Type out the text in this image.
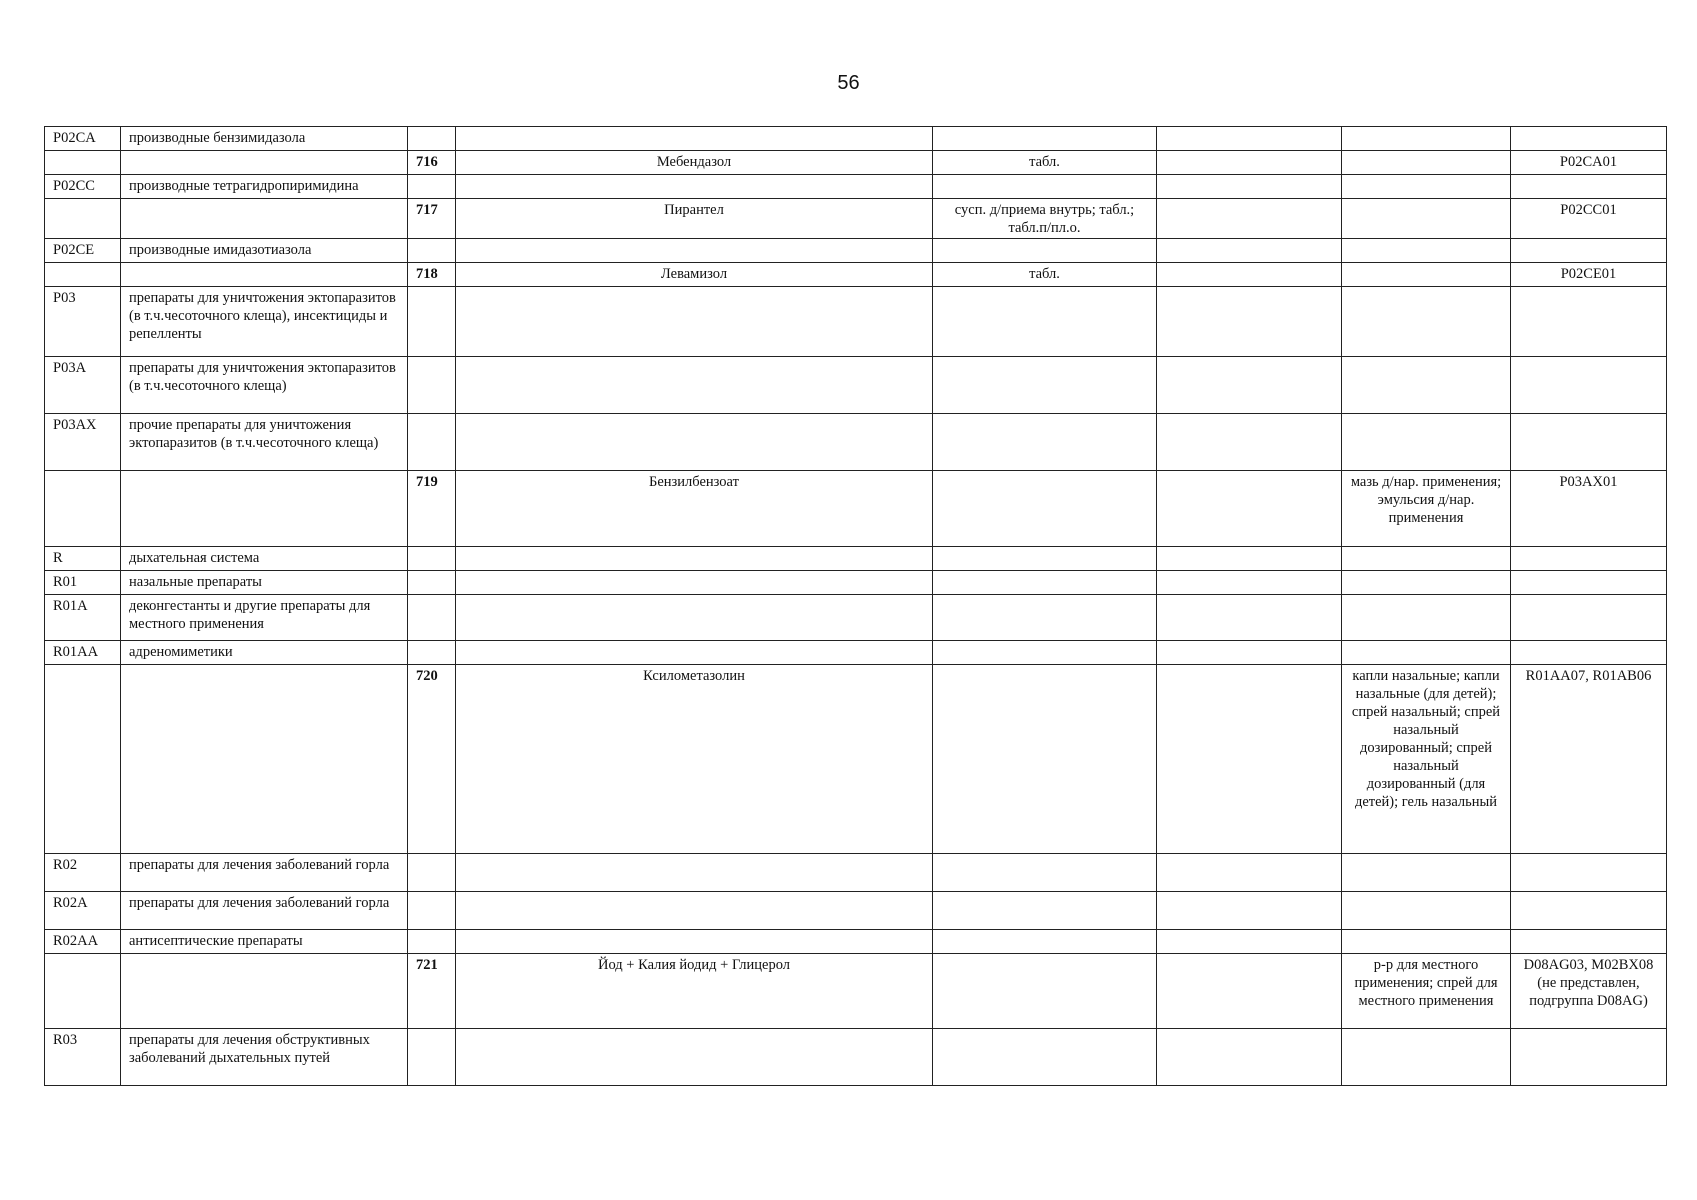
56
P02CA	производные бензимидазола						
		716	Мебендазол	табл.			P02CA01
P02CC	производные тетрагидропиримидина						
		717	Пирантел	сусп. д/приема внутрь; табл.; табл.п/пл.о.			P02CC01
P02CE	производные имидазотиазола						
		718	Левамизол	табл.			P02CE01
P03	препараты для уничтожения эктопаразитов (в т.ч.чесоточного клеща), инсектициды и репелленты						
P03A	препараты для уничтожения эктопаразитов (в т.ч.чесоточного клеща)						
P03AX	прочие препараты для уничтожения эктопаразитов (в т.ч.чесоточного клеща)						
		719	Бензилбензоат			мазь д/нар. применения; эмульсия д/нар. применения	P03AX01
R	дыхательная система						
R01	назальные препараты						
R01A	деконгестанты и другие препараты для местного применения						
R01AA	адреномиметики						
		720	Ксилометазолин			капли назальные; капли назальные (для детей); спрей назальный; спрей назальный дозированный; спрей назальный дозированный (для детей); гель назальный	R01AA07, R01AB06
R02	препараты для лечения заболеваний горла						
R02A	препараты для лечения заболеваний горла						
R02AA	антисептические препараты						
		721	Йод + Калия йодид + Глицерол			р-р для местного применения; спрей для местного применения	D08AG03, M02BX08 (не представлен, подгруппа D08AG)
R03	препараты для лечения обструктивных заболеваний дыхательных путей						
